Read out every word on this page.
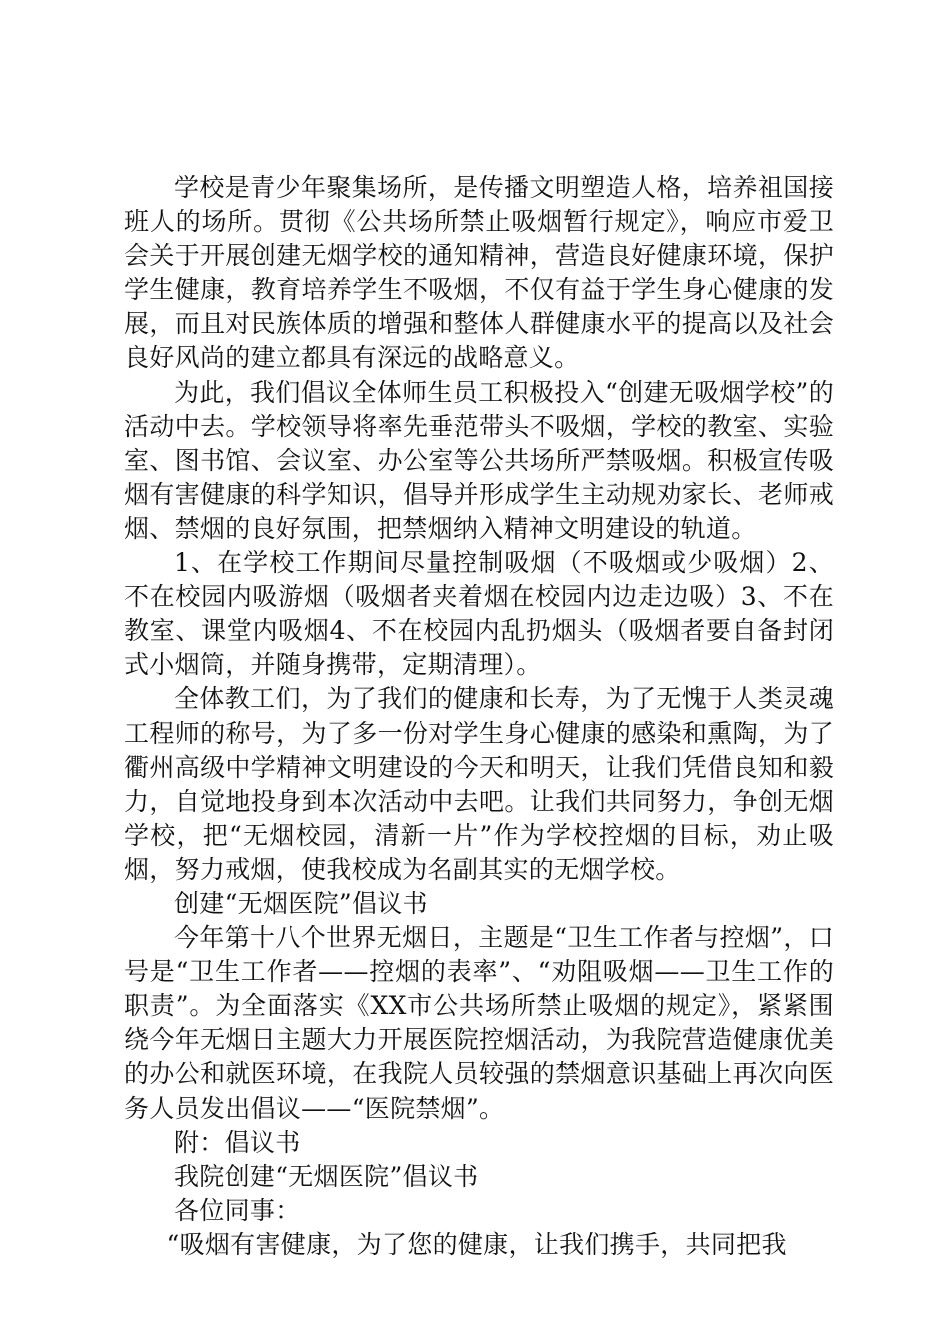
学校是青少年聚集场所，是传播文明塑造人格，培养祖国接班人的场所。贯彻《公共场所禁止吸烟暂行规定》，响应市爱卫会关于开展创建无烟学校的通知精神，营造良好健康环境，保护学生健康，教育培养学生不吸烟，不仅有益于学生身心健康的发展，而且对民族体质的增强和整体人群健康水平的提高以及社会良好风尚的建立都具有深远的战略意义。

为此，我们倡议全体师生员工积极投入“创建无吸烟学校”的活动中去。学校领导将率先垂范带头不吸烟，学校的教室、实验室、图书馆、会议室、办公室等公共场所严禁吸烟。积极宣传吸烟有害健康的科学知识，倡导并形成学生主动规劝家长、老师戒烟、禁烟的良好氛围，把禁烟纳入精神文明建设的轨道。

1、在学校工作期间尽量控制吸烟（不吸烟或少吸烟）2、不在校园内吸游烟（吸烟者夹着烟在校园内边走边吸）3、不在教室、课堂内吸烟4、不在校园内乱扔烟头（吸烟者要自备封闭式小烟筒，并随身携带，定期清理）。

全体教工们，为了我们的健康和长寿，为了无愧于人类灵魂工程师的称号，为了多一份对学生身心健康的感染和熏陶，为了衢州高级中学精神文明建设的今天和明天，让我们凭借良知和毅力，自觉地投身到本次活动中去吧。让我们共同努力，争创无烟学校，把“无烟校园，清新一片”作为学校控烟的目标，劝止吸烟，努力戒烟，使我校成为名副其实的无烟学校。

创建“无烟医院”倡议书

今年第十八个世界无烟日，主题是“卫生工作者与控烟”，口号是“卫生工作者——控烟的表率”、“劝阻吸烟——卫生工作的职责”。为全面落实《XX市公共场所禁止吸烟的规定》，紧紧围绕今年无烟日主题大力开展医院控烟活动，为我院营造健康优美的办公和就医环境，在我院人员较强的禁烟意识基础上再次向医务人员发出倡议——“医院禁烟”。

附：倡议书

我院创建“无烟医院”倡议书

各位同事：

“吸烟有害健康，为了您的健康，让我们携手，共同把我
